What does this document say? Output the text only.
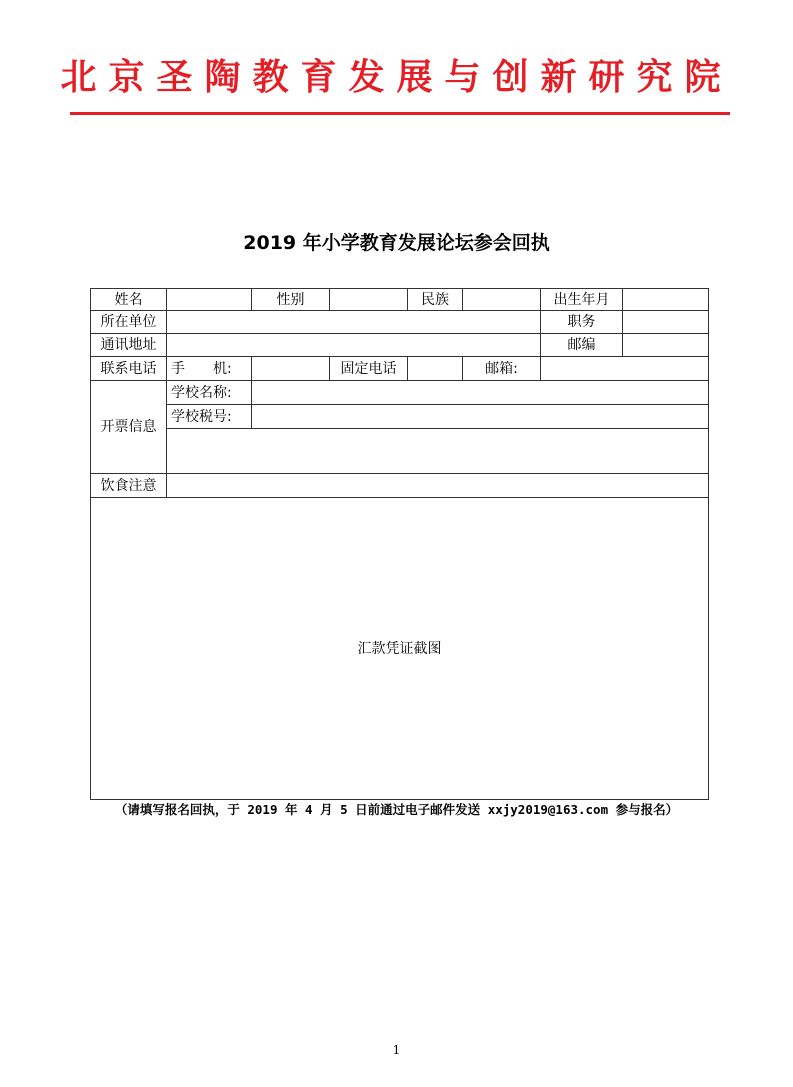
北京圣陶教育发展与创新研究院
2019 年小学教育发展论坛参会回执
姓名		性别		民族		出生年月	
所在单位						职务	
通讯地址						邮编	
联系电话	手　　机:		固定电话		邮箱:		
开票信息	学校名称:						
	学校税号:						

饮食注意							
汇款凭证截图							
（请填写报名回执，于 2019 年 4 月 5 日前通过电子邮件发送 xxjy2019@163.com 参与报名）
1
